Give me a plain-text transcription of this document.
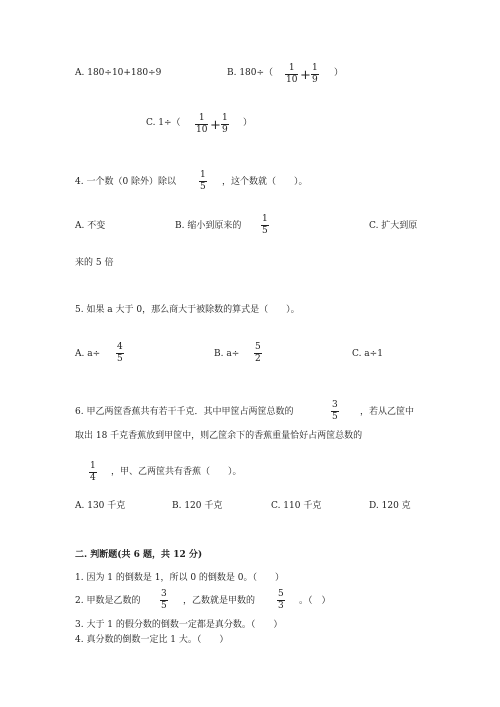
A. 180÷10+180÷9	B. $180\div( \frac{1}{10} + \frac{1}{9}$ ）
C. $1\div( \frac{1}{10} + \frac{1}{9}$ ）
4. 一个数（0 除外）除以	$\frac{1}{5}$ ，这个数就（　　）。
A. 不变	B. 缩小到原来的 $\frac{1}{5}$	C. 扩大到原
来的 5 倍
5. 如果 a 大于 0，那么商大于被除数的算式是（　　）。
A. $a\div \frac{4}{5}$	B. $a\div \frac{5}{2}$	C. a÷1
6. 甲乙两筐香蕉共有若干千克．其中甲筐占两筐总数的	$\frac{3}{5}$ ，若从乙筐中
取出 18 千克香蕉放到甲筐中，则乙筐余下的香蕉重量恰好占两筐总数的
$\frac{1}{4}$ ，甲、乙两筐共有香蕉（　　）。
A. 130 千克	B. 120 千克	C. 110 千克	D. 120 克
二. 判断题(共 6 题，共 12 分)
1. 因为 1 的倒数是 1，所以 0 的倒数是 0。（　　）
2. 甲数是乙数的 $\frac{3}{5}$ ，乙数就是甲数的 $\frac{5}{3}$ 。（　）
3. 大于 1 的假分数的倒数一定都是真分数。（　　）
4. 真分数的倒数一定比 1 大。（　　）
